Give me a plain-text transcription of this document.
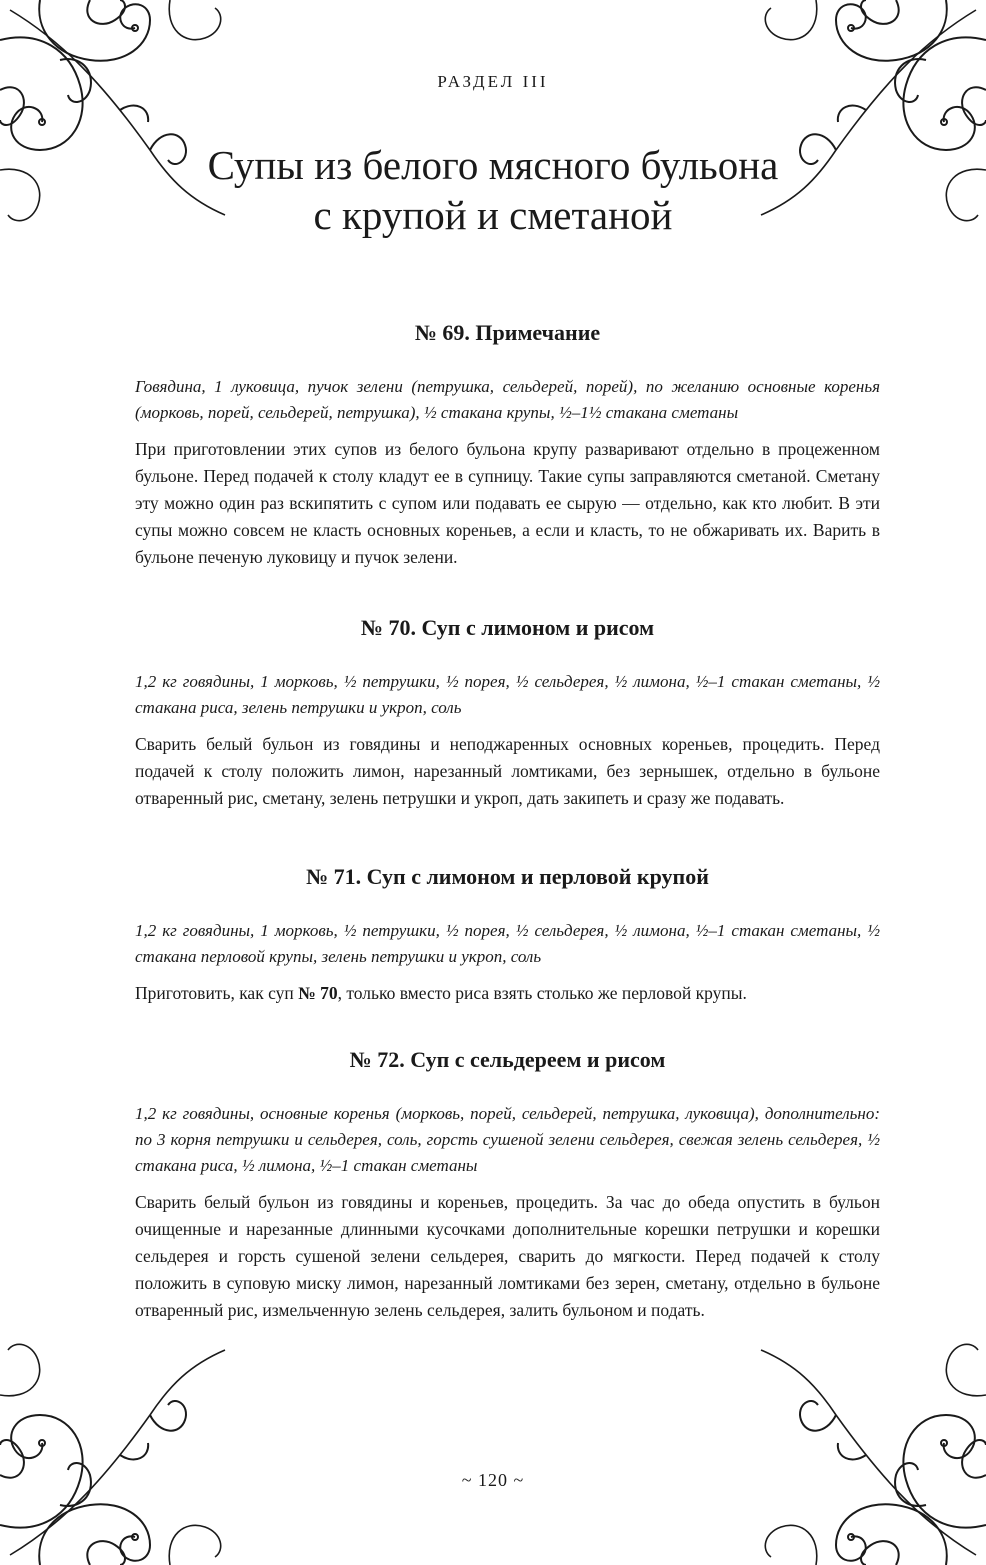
РАЗДЕЛ III
Супы из белого мясного бульона
с крупой и сметаной
№ 69. Примечание

Говядина, 1 луковица, пучок зелени (петрушка, сельдерей, порей), по желанию основные коренья (морковь, порей, сельдерей, петрушка), ½ стакана крупы, ½–1½ стакана сметаны

При приготовлении этих супов из белого бульона крупу разваривают отдельно в процеженном бульоне. Перед подачей к столу кладут ее в супницу. Такие супы заправляются сметаной. Сметану эту можно один раз вскипятить с супом или подавать ее сырую — отдельно, как кто любит. В эти супы можно совсем не класть основных кореньев, а если и класть, то не обжаривать их. Варить в бульоне печеную луковицу и пучок зелени.

№ 70. Суп с лимоном и рисом

1,2 кг говядины, 1 морковь, ½ петрушки, ½ порея, ½ сельдерея, ½ лимона, ½–1 стакан сметаны, ½ стакана риса, зелень петрушки и укроп, соль

Сварить белый бульон из говядины и неподжаренных основных кореньев, процедить. Перед подачей к столу положить лимон, нарезанный ломтиками, без зернышек, отдельно в бульоне отваренный рис, сметану, зелень петрушки и укроп, дать закипеть и сразу же подавать.

№ 71. Суп с лимоном и перловой крупой

1,2 кг говядины, 1 морковь, ½ петрушки, ½ порея, ½ сельдерея, ½ лимона, ½–1 стакан сметаны, ½ стакана перловой крупы, зелень петрушки и укроп, соль

Приготовить, как суп № 70, только вместо риса взять столько же перловой крупы.

№ 72. Суп с сельдереем и рисом

1,2 кг говядины, основные коренья (морковь, порей, сельдерей, петрушка, луковица), дополнительно: по 3 корня петрушки и сельдерея, соль, горсть сушеной зелени сельдерея, свежая зелень сельдерея, ½ стакана риса, ½ лимона, ½–1 стакан сметаны

Сварить белый бульон из говядины и кореньев, процедить. За час до обеда опустить в бульон очищенные и нарезанные длинными кусочками дополнительные корешки петрушки и корешки сельдерея и горсть сушеной зелени сельдерея, сварить до мягкости. Перед подачей к столу положить в суповую миску лимон, нарезанный ломтиками без зерен, сметану, отдельно в бульоне отваренный рис, измельченную зелень сельдерея, залить бульоном и подать.

~ 120 ~
